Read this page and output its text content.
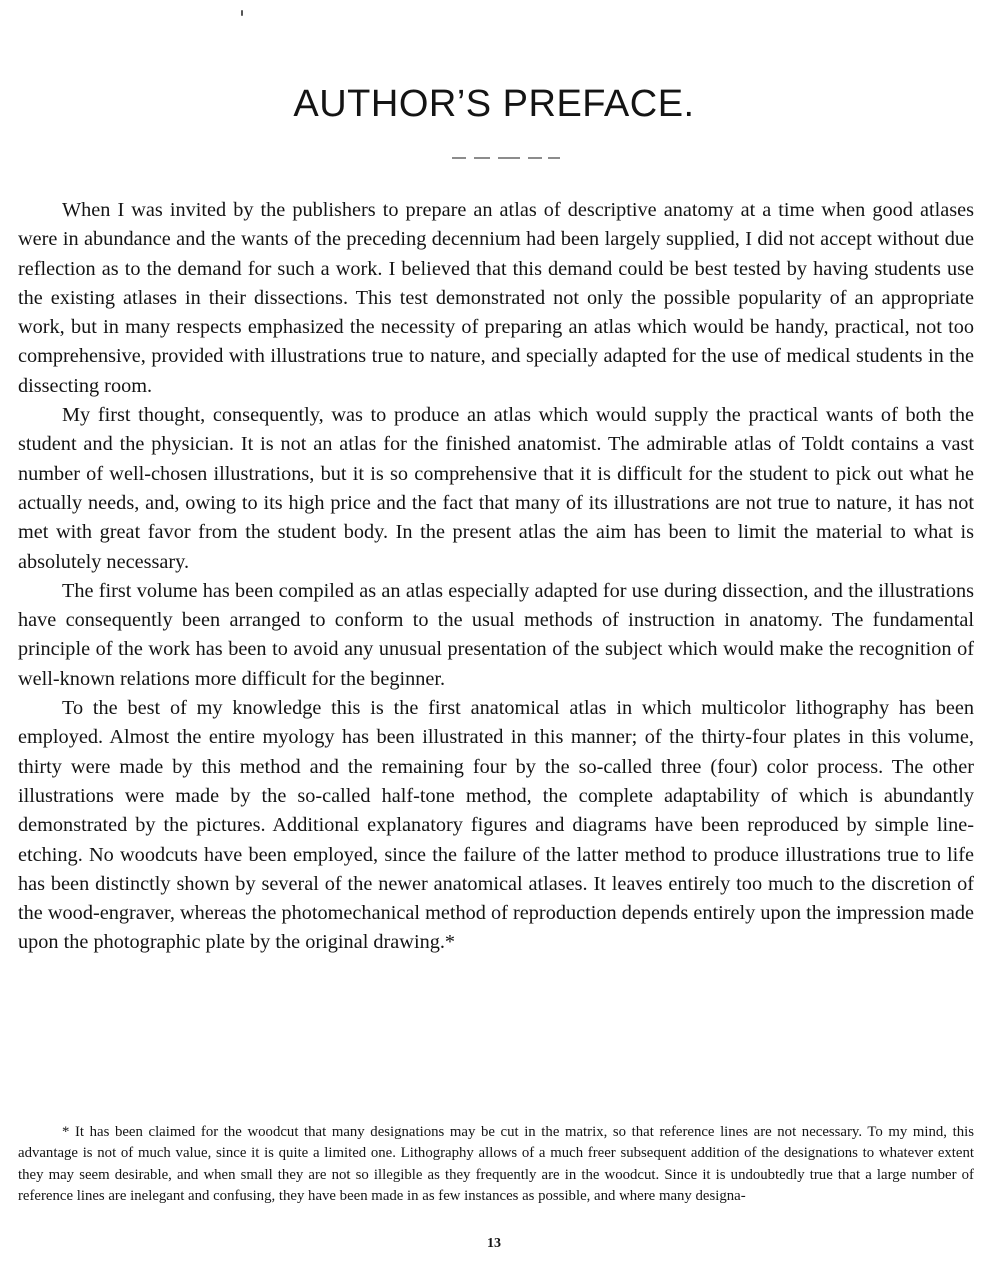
AUTHOR’S PREFACE.

When I was invited by the publishers to prepare an atlas of descriptive anatomy at a time when good atlases were in abundance and the wants of the preceding decennium had been largely supplied, I did not accept without due reflection as to the demand for such a work. I believed that this demand could be best tested by having students use the existing atlases in their dissections. This test demonstrated not only the possible popularity of an appropriate work, but in many respects emphasized the necessity of preparing an atlas which would be handy, practical, not too comprehensive, provided with illustrations true to nature, and specially adapted for the use of medical students in the dissecting room.

My first thought, consequently, was to produce an atlas which would supply the practical wants of both the student and the physician. It is not an atlas for the finished anatomist. The admirable atlas of Toldt contains a vast number of well-chosen illustrations, but it is so comprehensive that it is difficult for the student to pick out what he actually needs, and, owing to its high price and the fact that many of its illustrations are not true to nature, it has not met with great favor from the student body. In the present atlas the aim has been to limit the material to what is absolutely necessary.

The first volume has been compiled as an atlas especially adapted for use during dissection, and the illustrations have consequently been arranged to conform to the usual methods of instruction in anatomy. The fundamental principle of the work has been to avoid any unusual presentation of the subject which would make the recognition of well-known relations more difficult for the beginner.

To the best of my knowledge this is the first anatomical atlas in which multicolor lithography has been employed. Almost the entire myology has been illustrated in this manner; of the thirty-four plates in this volume, thirty were made by this method and the remaining four by the so-called three (four) color process. The other illustrations were made by the so-called half-tone method, the complete adaptability of which is abundantly demonstrated by the pictures. Additional explanatory figures and diagrams have been reproduced by simple line-etching. No woodcuts have been employed, since the failure of the latter method to produce illustrations true to life has been distinctly shown by several of the newer anatomical atlases. It leaves entirely too much to the discretion of the wood-engraver, whereas the photomechanical method of reproduction depends entirely upon the impression made upon the photographic plate by the original drawing.*

* It has been claimed for the woodcut that many designations may be cut in the matrix, so that reference lines are not necessary. To my mind, this advantage is not of much value, since it is quite a limited one. Lithography allows of a much freer subsequent addition of the designations to whatever extent they may seem desirable, and when small they are not so illegible as they frequently are in the woodcut. Since it is undoubtedly true that a large number of reference lines are inelegant and confusing, they have been made in as few instances as possible, and where many designa-

13
